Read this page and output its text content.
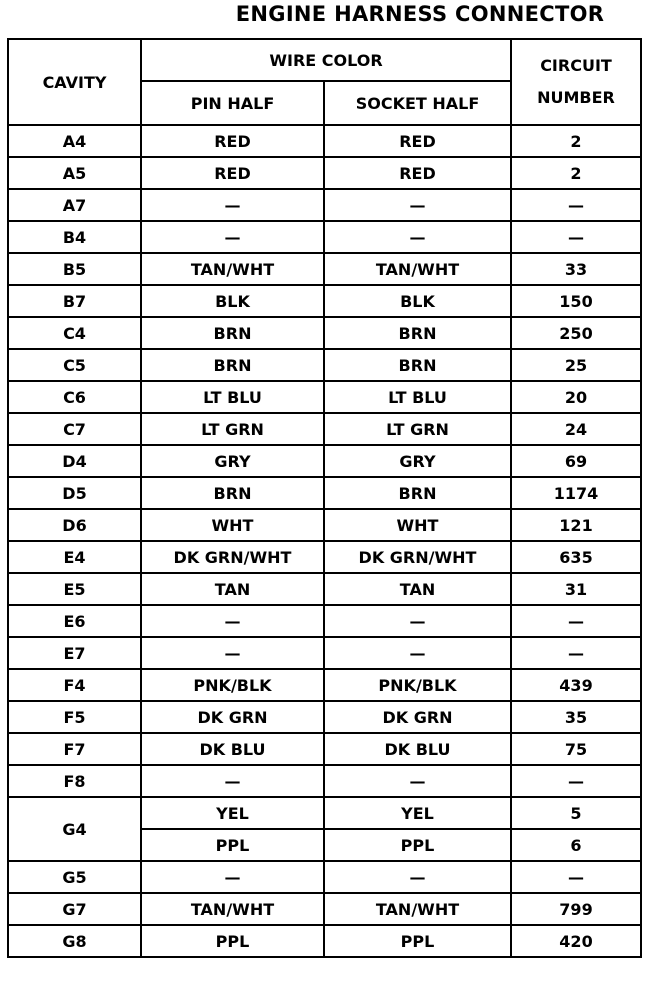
ENGINE HARNESS CONNECTOR
CAVITY	WIRE COLOR		CIRCUIT NUMBER
	PIN HALF	SOCKET HALF	
A4	RED	RED	2
A5	RED	RED	2
A7	—	—	—
B4	—	—	—
B5	TAN/WHT	TAN/WHT	33
B7	BLK	BLK	150
C4	BRN	BRN	250
C5	BRN	BRN	25
C6	LT BLU	LT BLU	20
C7	LT GRN	LT GRN	24
D4	GRY	GRY	69
D5	BRN	BRN	1174
D6	WHT	WHT	121
E4	DK GRN/WHT	DK GRN/WHT	635
E5	TAN	TAN	31
E6	—	—	—
E7	—	—	—
F4	PNK/BLK	PNK/BLK	439
F5	DK GRN	DK GRN	35
F7	DK BLU	DK BLU	75
F8	—	—	—
G4	YEL	YEL	5
	PPL	PPL	6
G5	—	—	—
G7	TAN/WHT	TAN/WHT	799
G8	PPL	PPL	420
